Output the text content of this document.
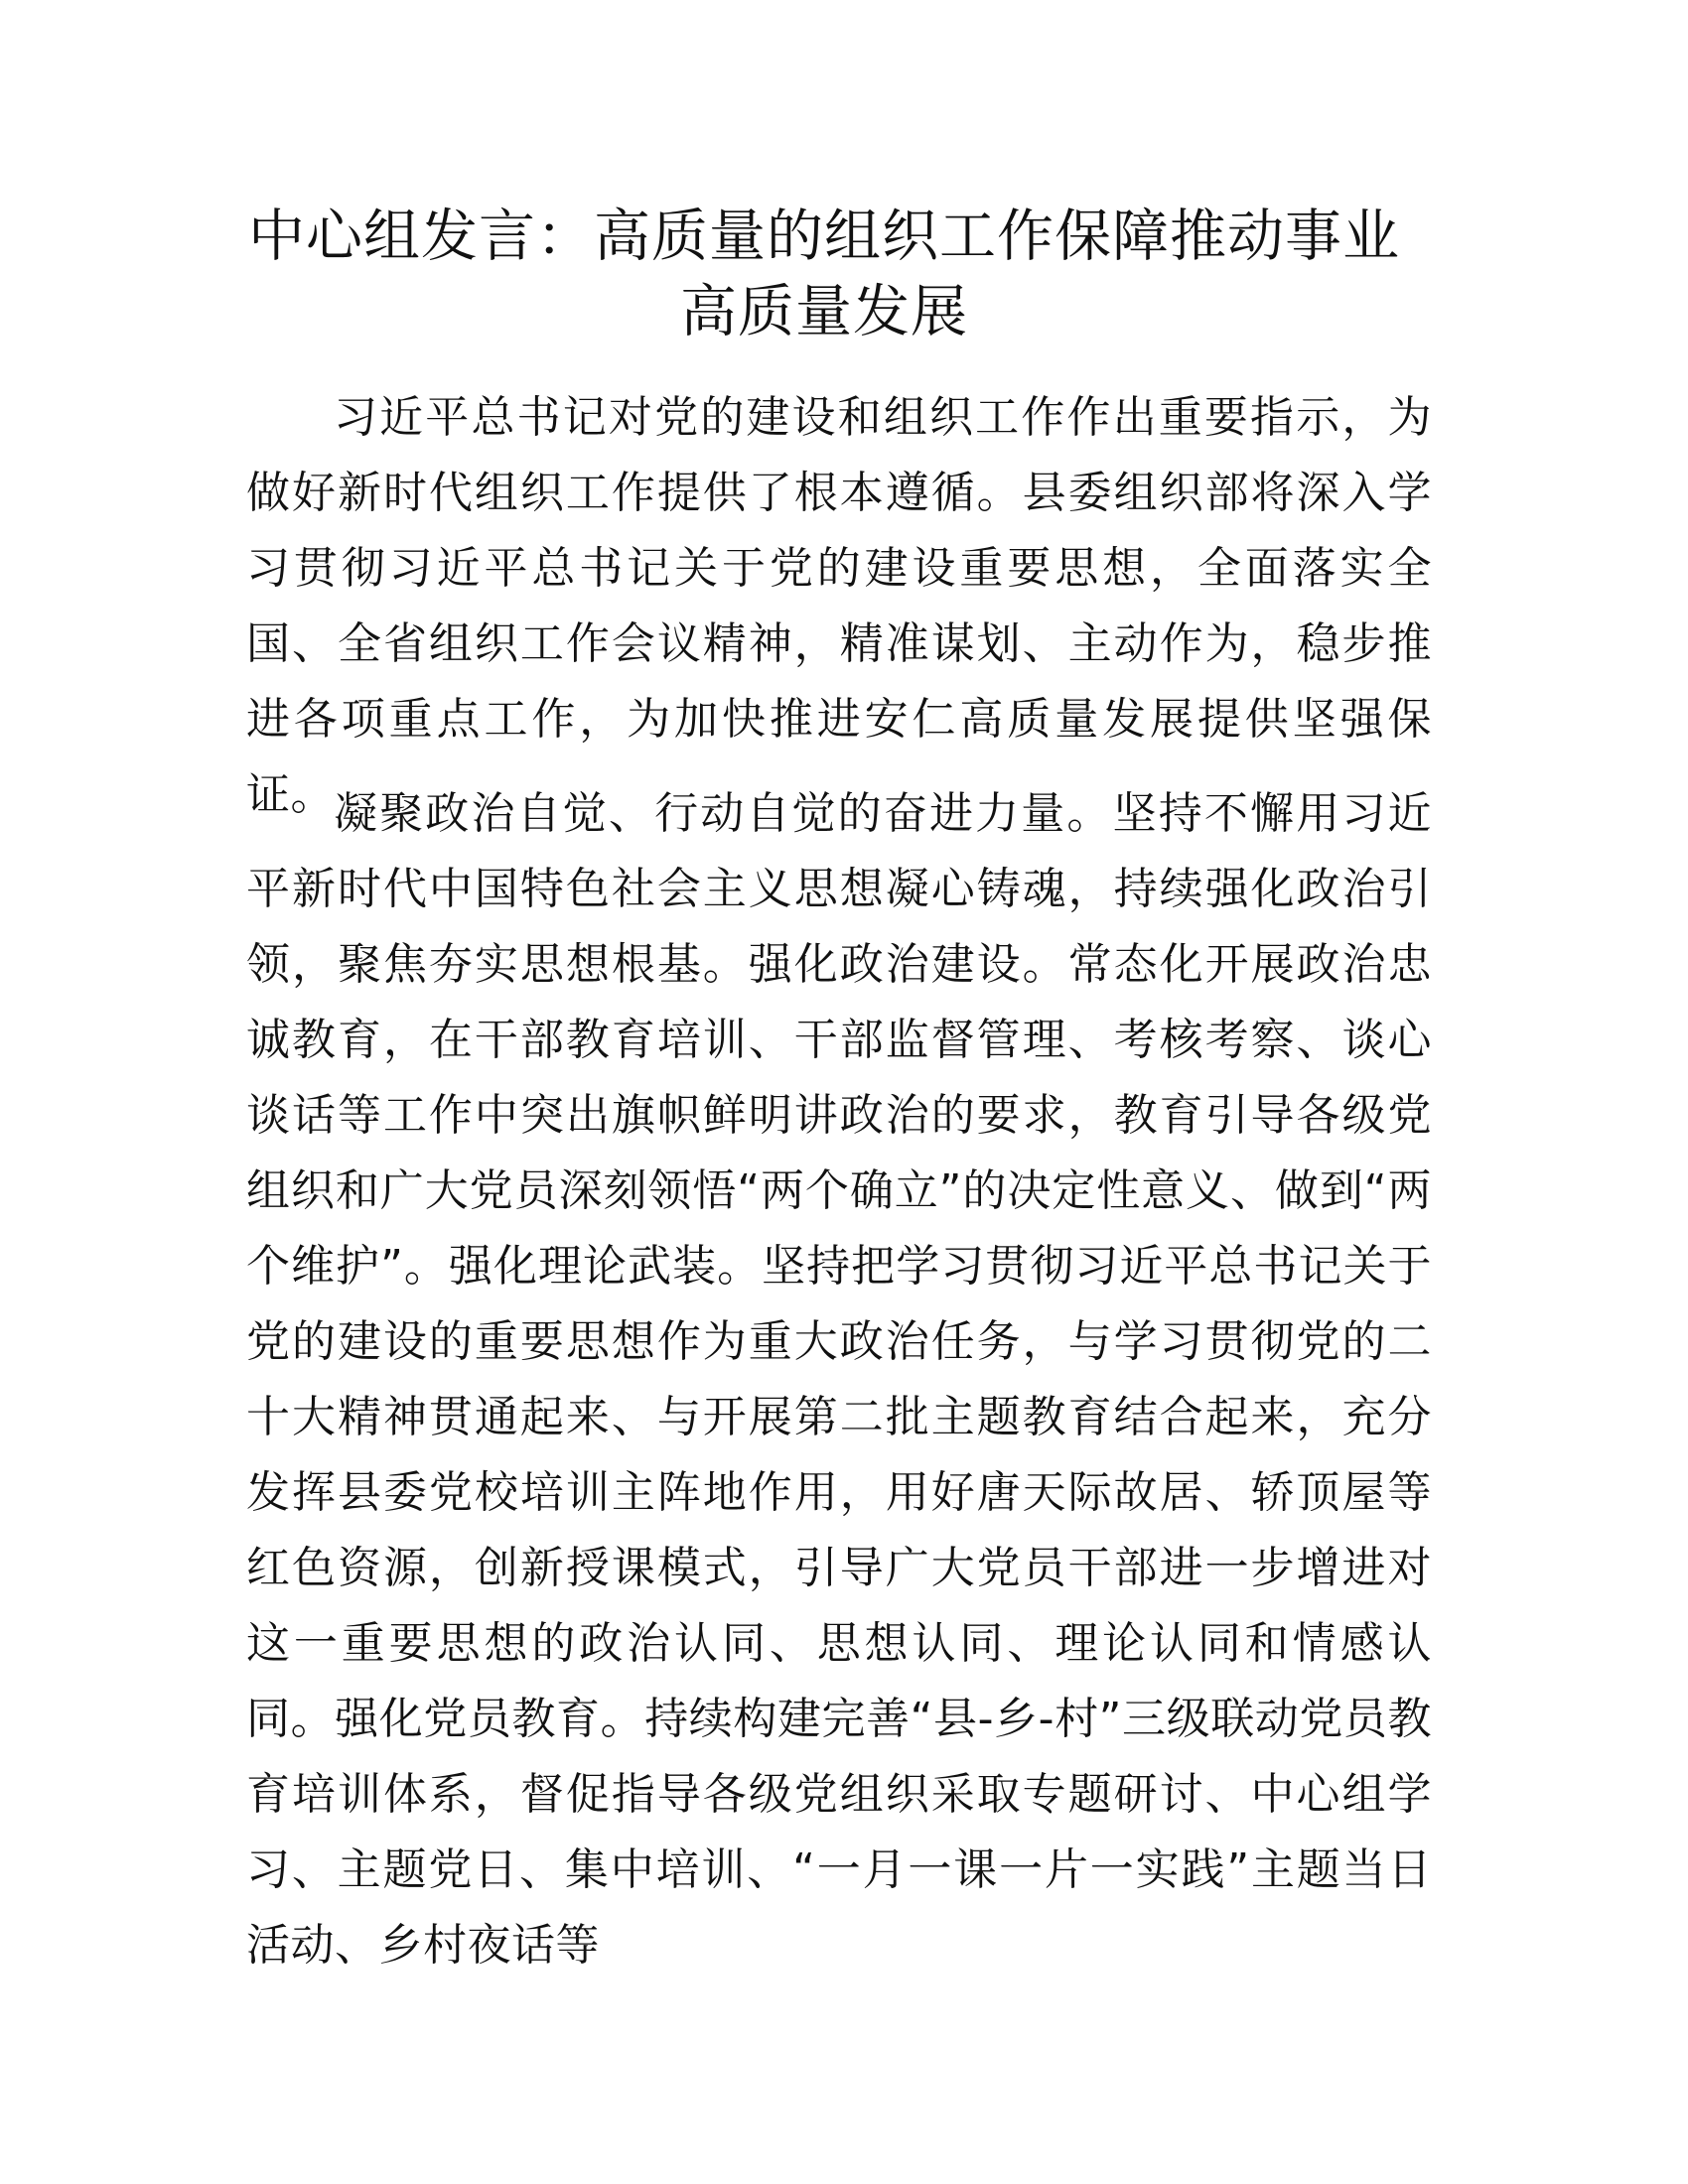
中心组发言：高质量的组织工作保障推动事业
高质量发展

习近平总书记对党的建设和组织工作作出重要指示，为做好新时代组织工作提供了根本遵循。县委组织部将深入学习贯彻习近平总书记关于党的建设重要思想，全面落实全国、全省组织工作会议精神，精准谋划、主动作为，稳步推进各项重点工作，为加快推进安仁高质量发展提供坚强保证。 凝聚政治自觉、行动自觉的奋进力量。坚持不懈用习近平新时代中国特色社会主义思想凝心铸魂，持续强化政治引领，聚焦夯实思想根基。强化政治建设。常态化开展政治忠诚教育，在干部教育培训、干部监督管理、考核考察、谈心谈话等工作中突出旗帜鲜明讲政治的要求，教育引导各级党组织和广大党员深刻领悟“两个确立”的决定性意义、做到“两个维护”。强化理论武装。坚持把学习贯彻习近平总书记关于党的建设的重要思想作为重大政治任务，与学习贯彻党的二十大精神贯通起来、与开展第二批主题教育结合起来，充分发挥县委党校培训主阵地作用，用好唐天际故居、轿顶屋等红色资源，创新授课模式，引导广大党员干部进一步增进对这一重要思想的政治认同、思想认同、理论认同和情感认同。强化党员教育。持续构建完善“县-乡-村”三级联动党员教育培训体系，督促指导各级党组织采取专题研讨、中心组学习、主题党日、集中培训、“一月一课一片一实践”主题当日活动、乡村夜话等
